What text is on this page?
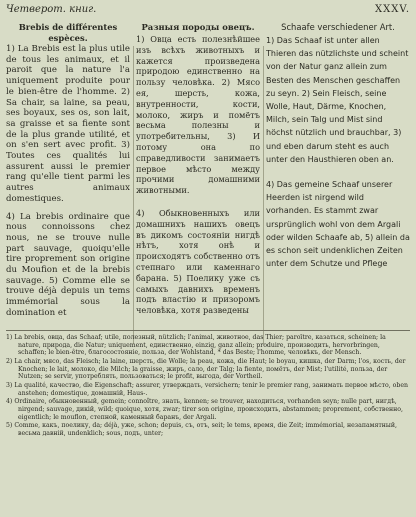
Четверот. книг.	XXXV.
Brebis de différentes
espèces.

1) La Brebis est la plus utile de tous les animaux, et il paroit que la nature l'a uniquement produite pour le bien-être de l'homme. 2) Sa chair, sa laine, sa peau, ses boyaux, ses os, son lait, sa graisse et sa fiente sont de la plus grande utilité, et on s'en sert avec profit. 3) Toutes ces qualités lui assurent aussi le premier rang qu'elle tient parmi les autres animaux domestiques.

4) La brebis ordinaire que nous connoissons chez nous, ne se trouve nulle part sauvage, quoiqu'elle tire proprement son origine du Moufion et de la brebis sauvage. 5) Comme elle se trouve déjà depuis un tems immémorial sous la domination et

Разныя породы овецъ.

1) Овца есть полезнѣйшее изъ всѣхъ животныхъ и кажется произведена природою единственно на пользу человѣка. 2) Мясо ея, шерсть, кожа, внутренности, кости, молоко, жиръ и помётъ весьма полезны и употребительны, 3) И потому она по справедливости занимаетъ первое мѣсто между прочими домашними животными.

4) Обыкновенныхъ или домашнихъ нашихъ овецъ въ дикомъ состояніи нигдѣ нѣтъ, хотя онѣ и происходятъ собственно отъ степнаго или каменнаго барана. 5) Поелику уже съ самыхъ давнихъ временъ подъ властію и призоромъ человѣка, хотя разведены

Schaafe verschiedener Art.

1) Das Schaaf ist unter allen Thieren das nützlichste und scheint von der Natur ganz allein zum Besten des Menschen geschaffen zu seyn. 2) Sein Fleisch, seine Wolle, Haut, Därme, Knochen, Milch, sein Talg und Mist sind höchst nützlich und brauchbar, 3) und eben darum steht es auch unter den Hausthieren oben an.

4) Das gemeine Schaaf unserer Heerden ist nirgend wild vorhanden. Es stammt zwar ursprünglich wohl von dem Argali oder wilden Schaafe ab, 5) allein da es schon seit undenklichen Zeiten unter dem Schutze und Pflege

1) La brebis, овца, das Schaaf; utile, полезный, nützlich; l'animal, животное, das Thier; paroître, казаться, scheinen; la nature, природа, die Natur; uniquement, единственно, einzig, ganz allein; produire, производить, hervorbringen, schaffen; le bien-être, благосостояніе, польза, der Wohlstand, * das Beste; l'homme, человѣкъ, der Mensch.

2) La chair, мясо, das Fleisch; la laine, шерсть, die Wolle; la peau, кожа, die Haut; le boyau, кишка, der Darm; l'os, кость, der Knochen; le lait, молоко, die Milch; la graisse, жиръ, сало, der Talg; la fiente, помётъ, der Mist; l'utilité, польза, der Nutzen; se servir, употреблять, пользоваться; le profit, выгода, der Vortheil.

3) La qualité, качество, die Eigenschaft; assurer, утверждать, versichern; tenir le premier rang, занимать первое мѣсто, oben anstehen; domestique, домашній, Haus-.

4) Ordinaire, обыкновенный, gemein; connoître, знать, kennen; se trouver, находиться, vorhanden seyn; nulle part, нигдѣ, nirgend; sauvage, дикій, wild; quoique, хотя, zwar; tirer son origine, происходить, abstammen; proprement, собственно, eigentlich; le mouflon, степной, каменный баранъ, der Argali.

5) Comme, какъ, поелику, da; déjà, уже, schon; depuis, съ, отъ, seit; le tems, время, die Zeit; immémorial, незапамятный, весьма давній, undenklich; sous, подъ, unter;
